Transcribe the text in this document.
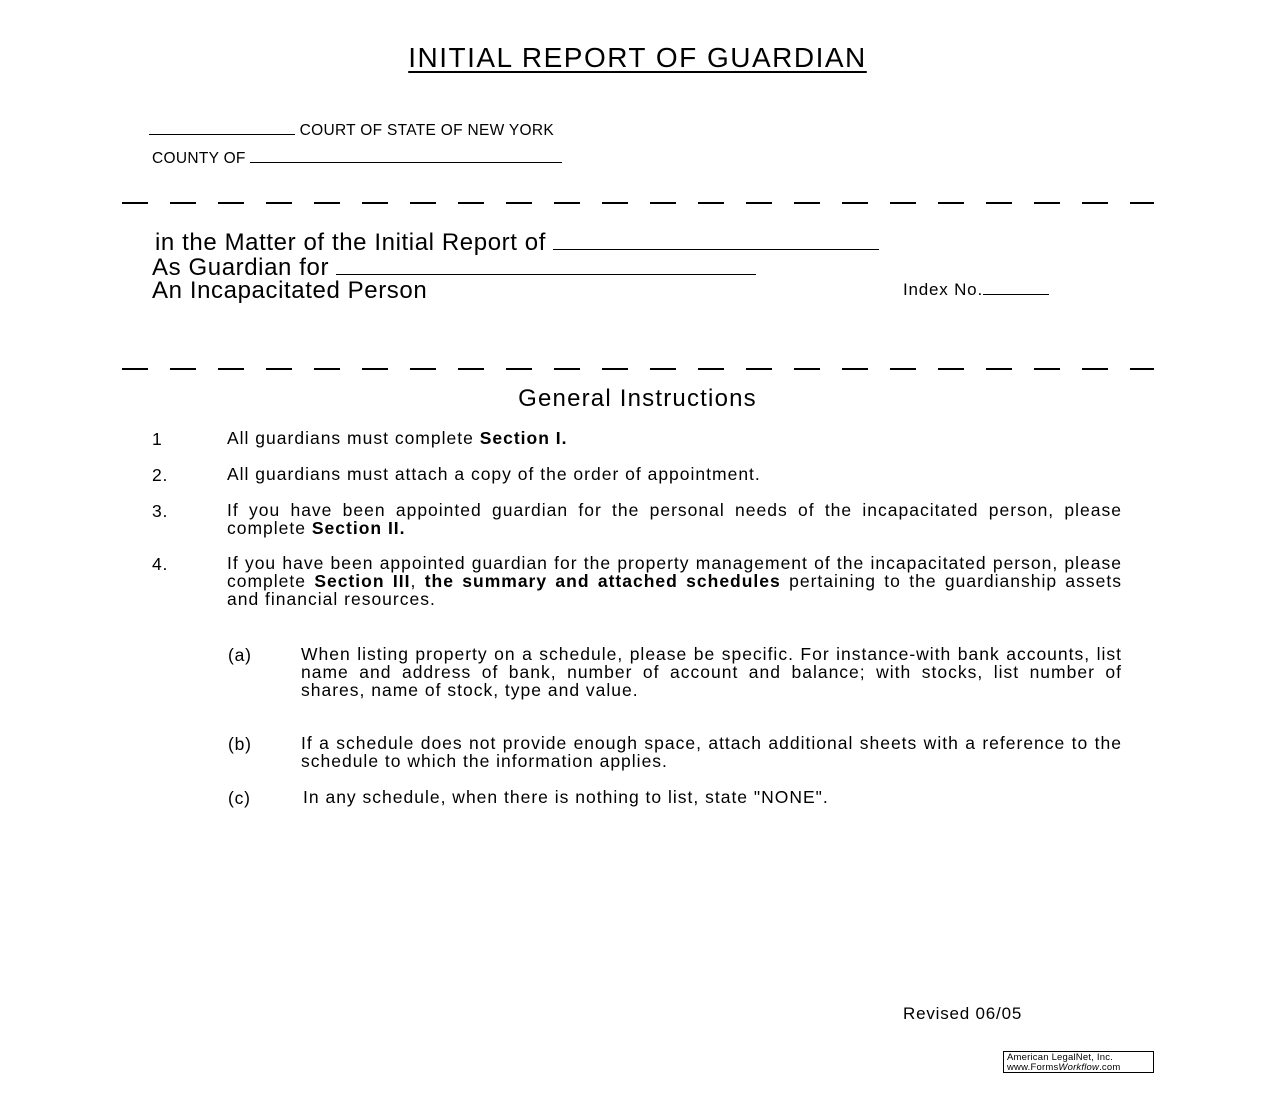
INITIAL REPORT OF GUARDIAN
COURT OF STATE OF NEW YORK
COUNTY OF
in the Matter of the Initial Report of
As Guardian for
An Incapacitated Person	Index No.
General Instructions
1	All guardians must complete Section I.
2.	All guardians must attach a copy of the order of appointment.
3.	If you have been appointed guardian for the personal needs of the incapacitated person, please complete Section II.
4.	If you have been appointed guardian for the property management of the incapacitated person, please complete Section III, the summary and attached schedules pertaining to the guardianship assets and financial resources.
(a)	When listing property on a schedule, please be specific. For instance-with bank accounts, list name and address of bank, number of account and balance; with stocks, list number of shares, name of stock, type and value.
(b)	If a schedule does not provide enough space, attach additional sheets with a reference to the schedule to which the information applies.
(c)	In any schedule, when there is nothing to list, state "NONE".
Revised 06/05
American LegalNet, Inc.
www.FormsWorkflow.com
